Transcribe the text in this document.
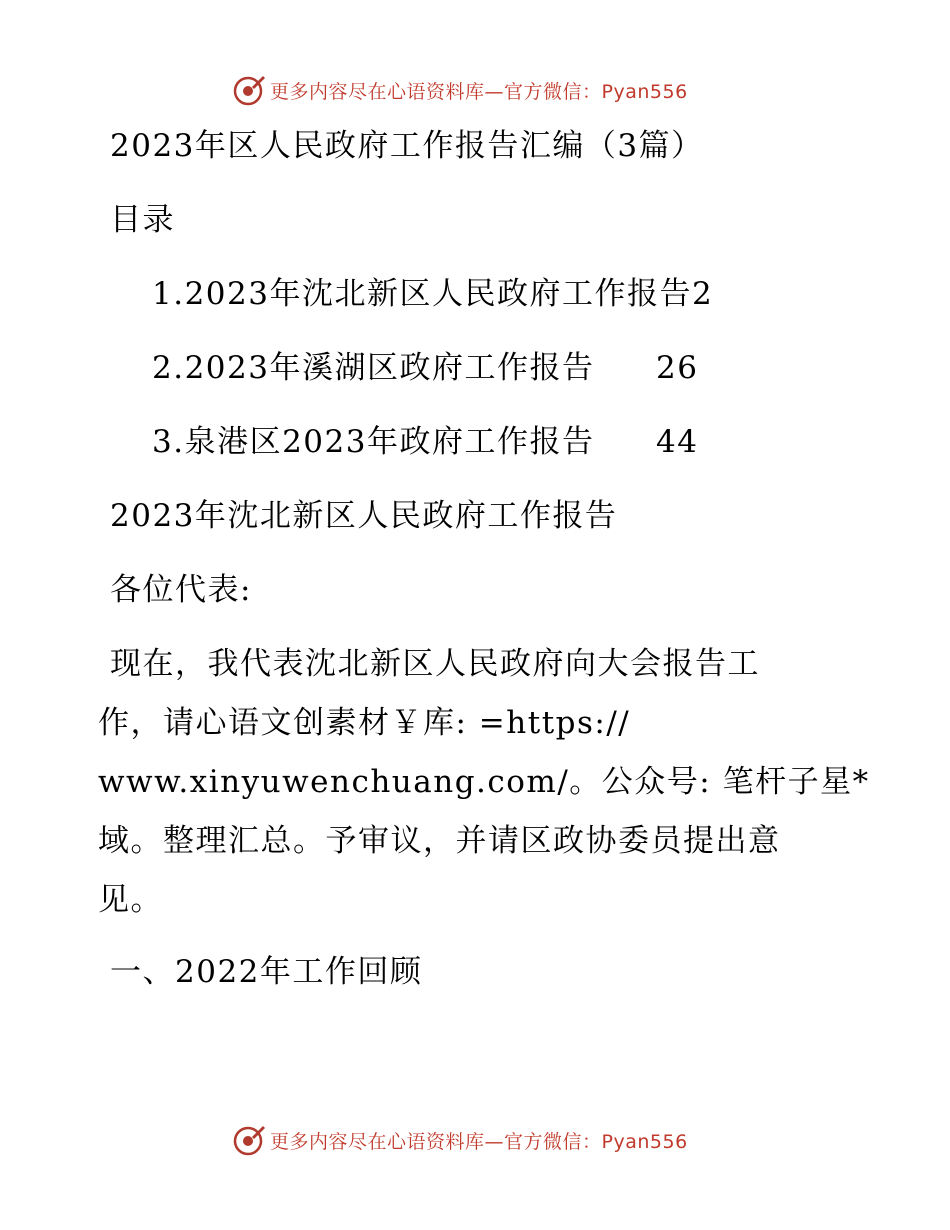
更多内容尽在心语资料库—官方微信：Pyan556
2023年区人民政府工作报告汇编（3篇）
目录
1.2023年沈北新区人民政府工作报告2
2.2023年溪湖区政府工作报告 26
3.泉港区2023年政府工作报告 44
2023年沈北新区人民政府工作报告
各位代表:
现在，我代表沈北新区人民政府向大会报告工
作，请心语文创素材￥库: =https://
www.xinyuwenchuang.com/。公众号: 笔杆子星*
域。整理汇总。予审议，并请区政协委员提出意
见。
一、2022年工作回顾
更多内容尽在心语资料库—官方微信：Pyan556
